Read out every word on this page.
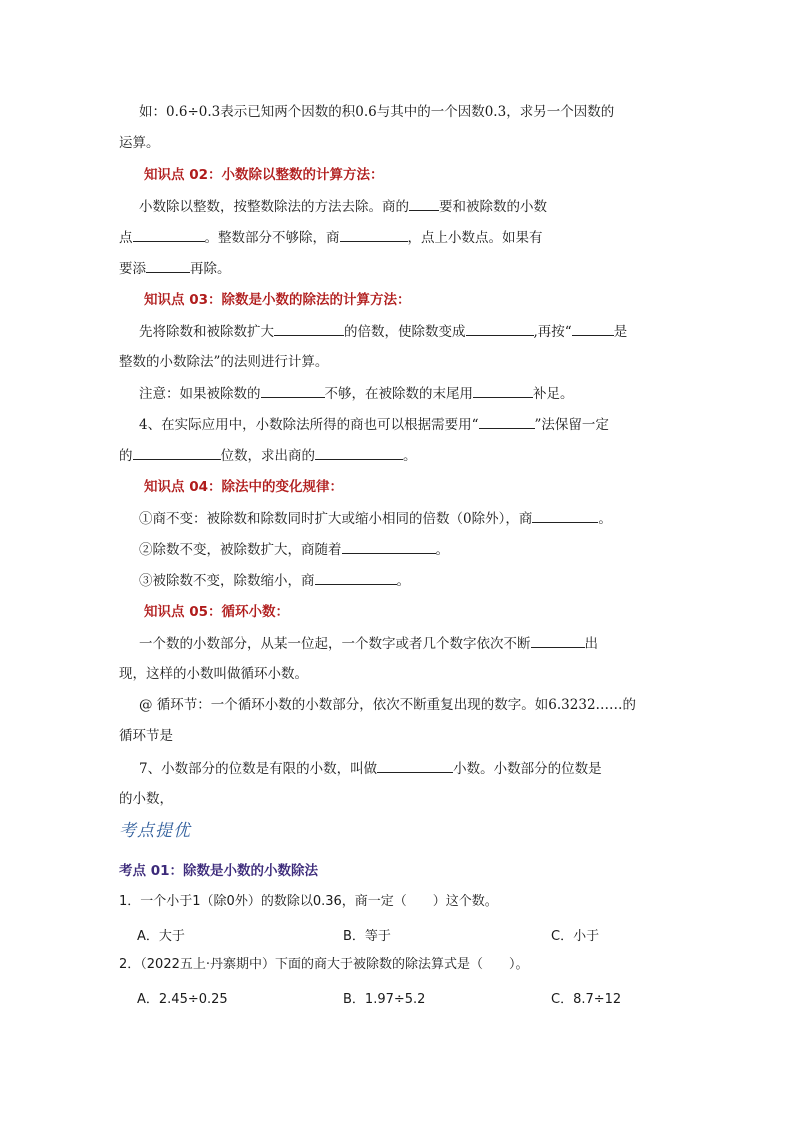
如：0.6÷0.3表示已知两个因数的积0.6与其中的一个因数0.3，求另一个因数的
运算。
知识点 02：小数除以整数的计算方法：
小数除以整数，按整数除法的方法去除。商的 要和被除数的小数
点	。整数部分不够除，商	，点上小数点。如果有
要添	再除。
知识点 03：除数是小数的除法的计算方法：
先将除数和被除数扩大	的倍数，使除数变成	,再按“	是
整数的小数除法”的法则进行计算。
注意：如果被除数的	不够，在被除数的末尾用	补足。
4、在实际应用中，小数除法所得的商也可以根据需要用“	”法保留一定
的	位数，求出商的	。
知识点 04：除法中的变化规律：
①商不变：被除数和除数同时扩大或缩小相同的倍数（0除外），商	。
②除数不变，被除数扩大，商随着	。
③被除数不变，除数缩小，商	。
知识点 05：循环小数：
一个数的小数部分，从某一位起，一个数字或者几个数字依次不断	出
现，这样的小数叫做循环小数。
@ 循环节：一个循环小数的小数部分，依次不断重复出现的数字。如6.3232……的
循环节是
7、小数部分的位数是有限的小数，叫做	小数。小数部分的位数是
的小数，
考点提优
考点 01：除数是小数的小数除法
1．一个小于1（除0外）的数除以0.36，商一定（　　）这个数。
A．大于	B．等于	C．小于
2．（2022五上·丹寨期中）下面的商大于被除数的除法算式是（　　）。
A．2.45÷0.25	B．1.97÷5.2	C．8.7÷12
